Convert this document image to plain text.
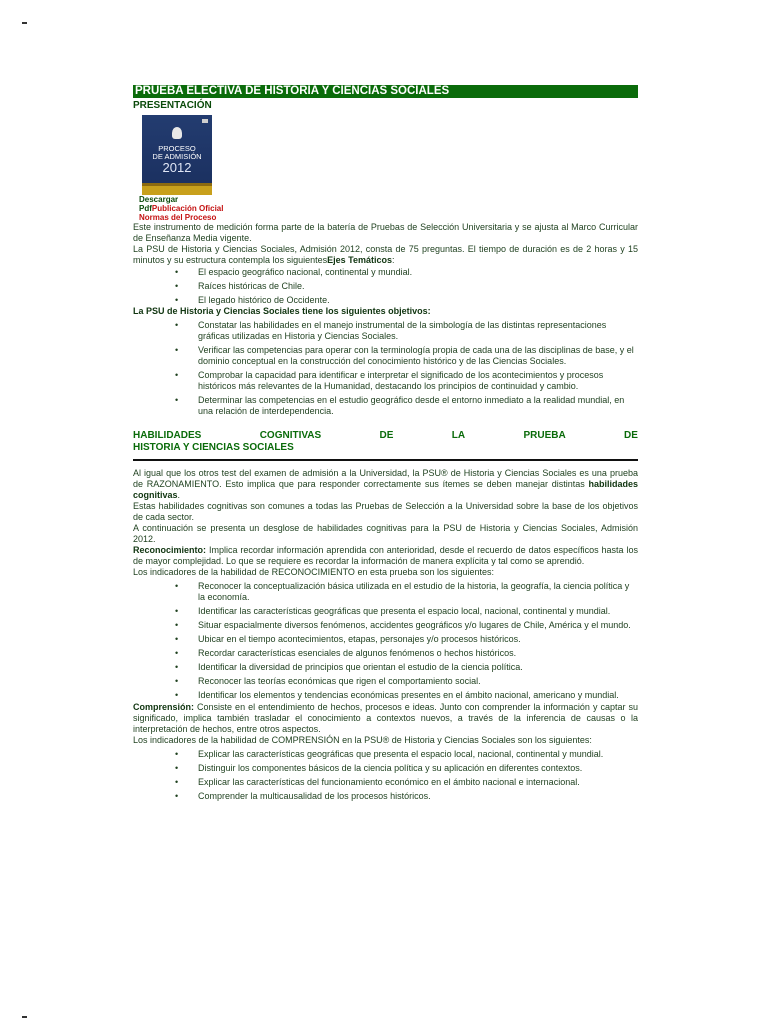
PRUEBA ELECTIVA DE HISTORIA Y CIENCIAS SOCIALES
PRESENTACIÓN
PROCESO
DE ADMISIÓN
2012
Descargar
PdfPublicación Oficial
Normas del Proceso

Este instrumento de medición forma parte de la batería de Pruebas de Selección Universitaria y se ajusta al Marco Curricular de Enseñanza Media vigente.

La PSU de Historia y Ciencias Sociales, Admisión 2012, consta de 75 preguntas. El tiempo de duración es de 2 horas y 15 minutos y su estructura contempla los siguientesEjes Temáticos:

• El espacio geográfico nacional, continental y mundial.
• Raíces históricas de Chile.
• El legado histórico de Occidente.

La PSU de Historia y Ciencias Sociales tiene los siguientes objetivos:

• Constatar las habilidades en el manejo instrumental de la simbología de las distintas representaciones gráficas utilizadas en Historia y Ciencias Sociales.
• Verificar las competencias para operar con la terminología propia de cada una de las disciplinas de base, y el dominio conceptual en la construcción del conocimiento histórico y de las Ciencias Sociales.
• Comprobar la capacidad para identificar e interpretar el significado de los acontecimientos y procesos históricos más relevantes de la Humanidad, destacando los principios de continuidad y cambio.
• Determinar las competencias en el estudio geográfico desde el entorno inmediato a la realidad mundial, en una relación de interdependencia.
HABILIDADES	COGNITIVAS	DE	LA	PRUEBA	DE
HISTORIA Y CIENCIAS SOCIALES

Al igual que los otros test del examen de admisión a la Universidad, la PSU® de Historia y Ciencias Sociales es una prueba de RAZONAMIENTO. Esto implica que para responder correctamente sus ítemes se deben manejar distintas habilidades cognitivas.

Estas habilidades cognitivas son comunes a todas las Pruebas de Selección a la Universidad sobre la base de los objetivos de cada sector.

A continuación se presenta un desglose de habilidades cognitivas para la PSU de Historia y Ciencias Sociales, Admisión 2012.

Reconocimiento: Implica recordar información aprendida con anterioridad, desde el recuerdo de datos específicos hasta los de mayor complejidad. Lo que se requiere es recordar la información de manera explícita y tal como se aprendió.

Los indicadores de la habilidad de RECONOCIMIENTO en esta prueba son los siguientes:

• Reconocer la conceptualización básica utilizada en el estudio de la historia, la geografía, la ciencia política y la economía.
• Identificar las características geográficas que presenta el espacio local, nacional, continental y mundial.
• Situar espacialmente diversos fenómenos, accidentes geográficos y/o lugares de Chile, América y el mundo.
• Ubicar en el tiempo acontecimientos, etapas, personajes y/o procesos históricos.
• Recordar características esenciales de algunos fenómenos o hechos históricos.
• Identificar la diversidad de principios que orientan el estudio de la ciencia política.
• Reconocer las teorías económicas que rigen el comportamiento social.
• Identificar los elementos y tendencias económicas presentes en el ámbito nacional, americano y mundial.

Comprensión: Consiste en el entendimiento de hechos, procesos e ideas. Junto con comprender la información y captar su significado, implica también trasladar el conocimiento a contextos nuevos, a través de la inferencia de causas o la interpretación de hechos, entre otros aspectos.

Los indicadores de la habilidad de COMPRENSIÓN en la PSU® de Historia y Ciencias Sociales son los siguientes:

• Explicar las características geográficas que presenta el espacio local, nacional, continental y mundial.
• Distinguir los componentes básicos de la ciencia política y su aplicación en diferentes contextos.
• Explicar las características del funcionamiento económico en el ámbito nacional e internacional.
• Comprender la multicausalidad de los procesos históricos.
